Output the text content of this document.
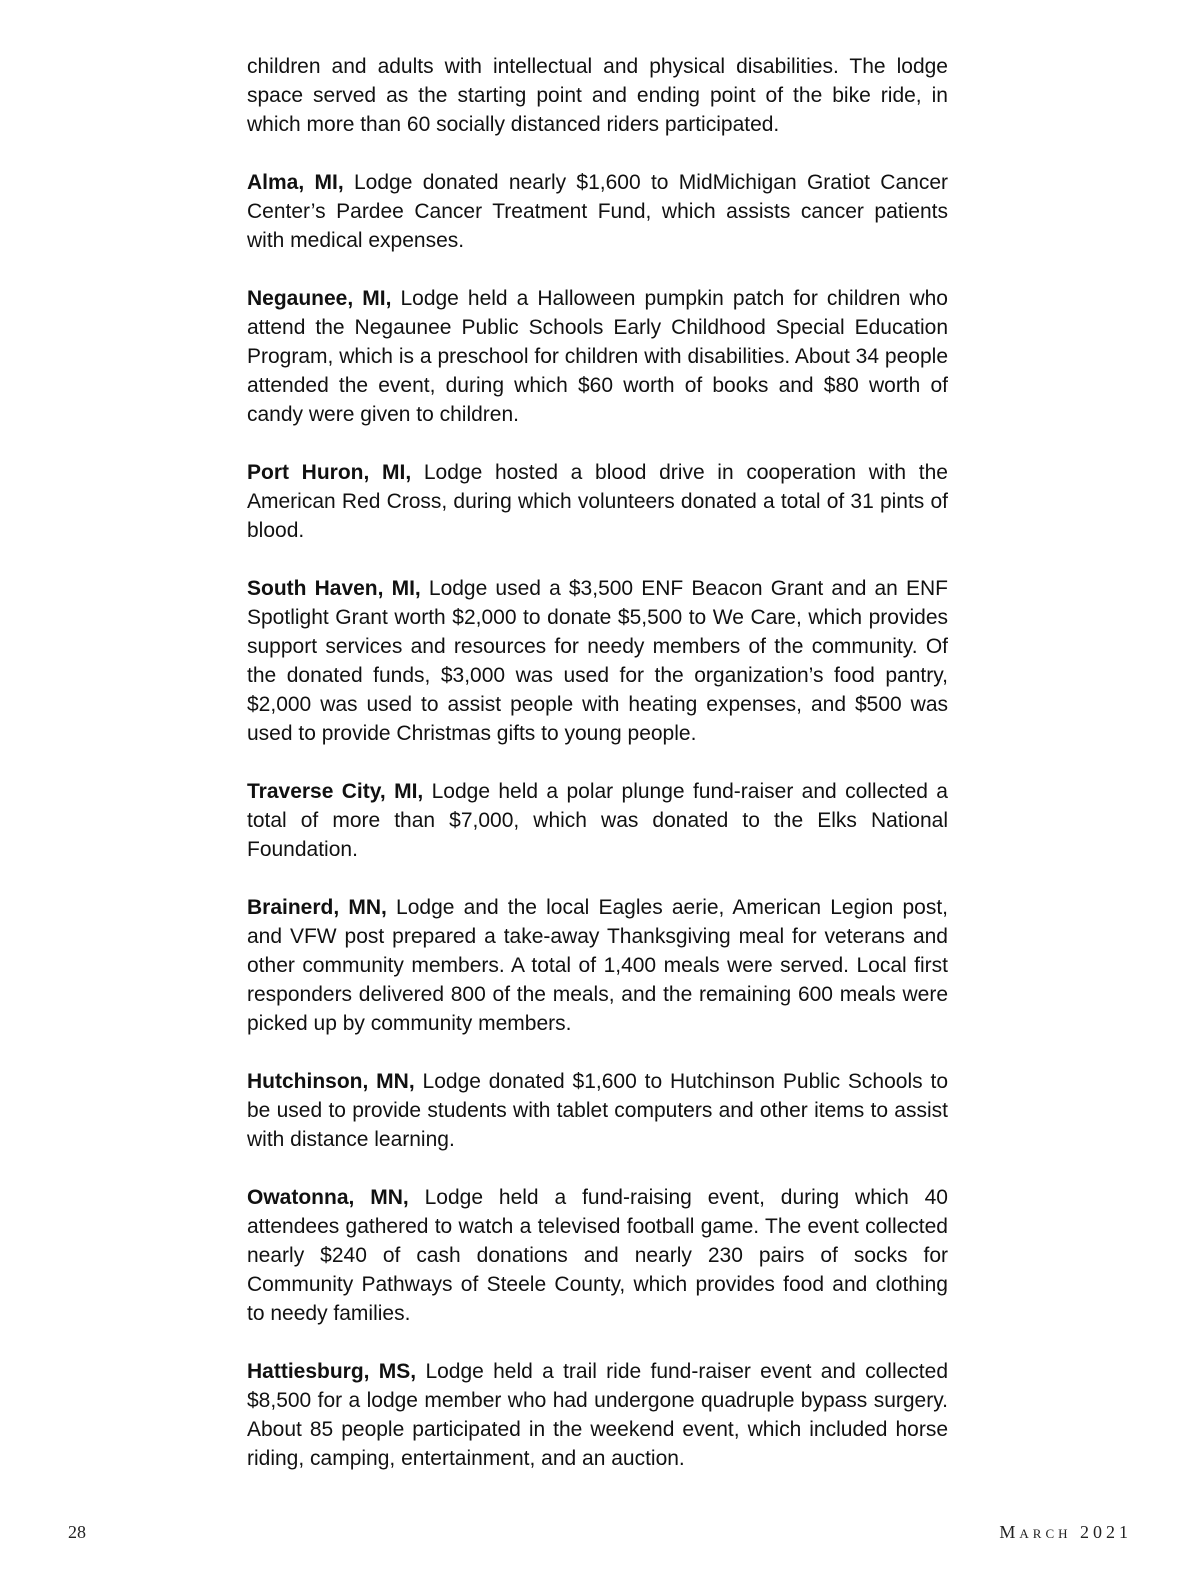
children and adults with intellectual and physical disabilities. The lodge space served as the starting point and ending point of the bike ride, in which more than 60 socially distanced riders participated.

Alma, MI, Lodge donated nearly $1,600 to MidMichigan Gratiot Cancer Center’s Pardee Cancer Treatment Fund, which assists cancer patients with medical expenses.

Negaunee, MI, Lodge held a Halloween pumpkin patch for children who attend the Negaunee Public Schools Early Childhood Special Education Program, which is a preschool for children with disabilities. About 34 people attended the event, during which $60 worth of books and $80 worth of candy were given to children.

Port Huron, MI, Lodge hosted a blood drive in cooperation with the American Red Cross, during which volunteers donated a total of 31 pints of blood.

South Haven, MI, Lodge used a $3,500 ENF Beacon Grant and an ENF Spotlight Grant worth $2,000 to donate $5,500 to We Care, which provides support services and resources for needy members of the community. Of the donated funds, $3,000 was used for the organization’s food pantry, $2,000 was used to assist people with heating expenses, and $500 was used to provide Christmas gifts to young people.

Traverse City, MI, Lodge held a polar plunge fund-raiser and collected a total of more than $7,000, which was donated to the Elks National Foundation.

Brainerd, MN, Lodge and the local Eagles aerie, American Legion post, and VFW post prepared a take-away Thanksgiving meal for veterans and other community members. A total of 1,400 meals were served. Local first responders delivered 800 of the meals, and the remaining 600 meals were picked up by community members.

Hutchinson, MN, Lodge donated $1,600 to Hutchinson Public Schools to be used to provide students with tablet computers and other items to assist with distance learning.

Owatonna, MN, Lodge held a fund-raising event, during which 40 attendees gathered to watch a televised football game. The event collected nearly $240 of cash donations and nearly 230 pairs of socks for Community Pathways of Steele County, which provides food and clothing to needy families.

Hattiesburg, MS, Lodge held a trail ride fund-raiser event and collected $8,500 for a lodge member who had undergone quadruple bypass surgery. About 85 people participated in the weekend event, which included horse riding, camping, entertainment, and an auction.

28	March 2021
